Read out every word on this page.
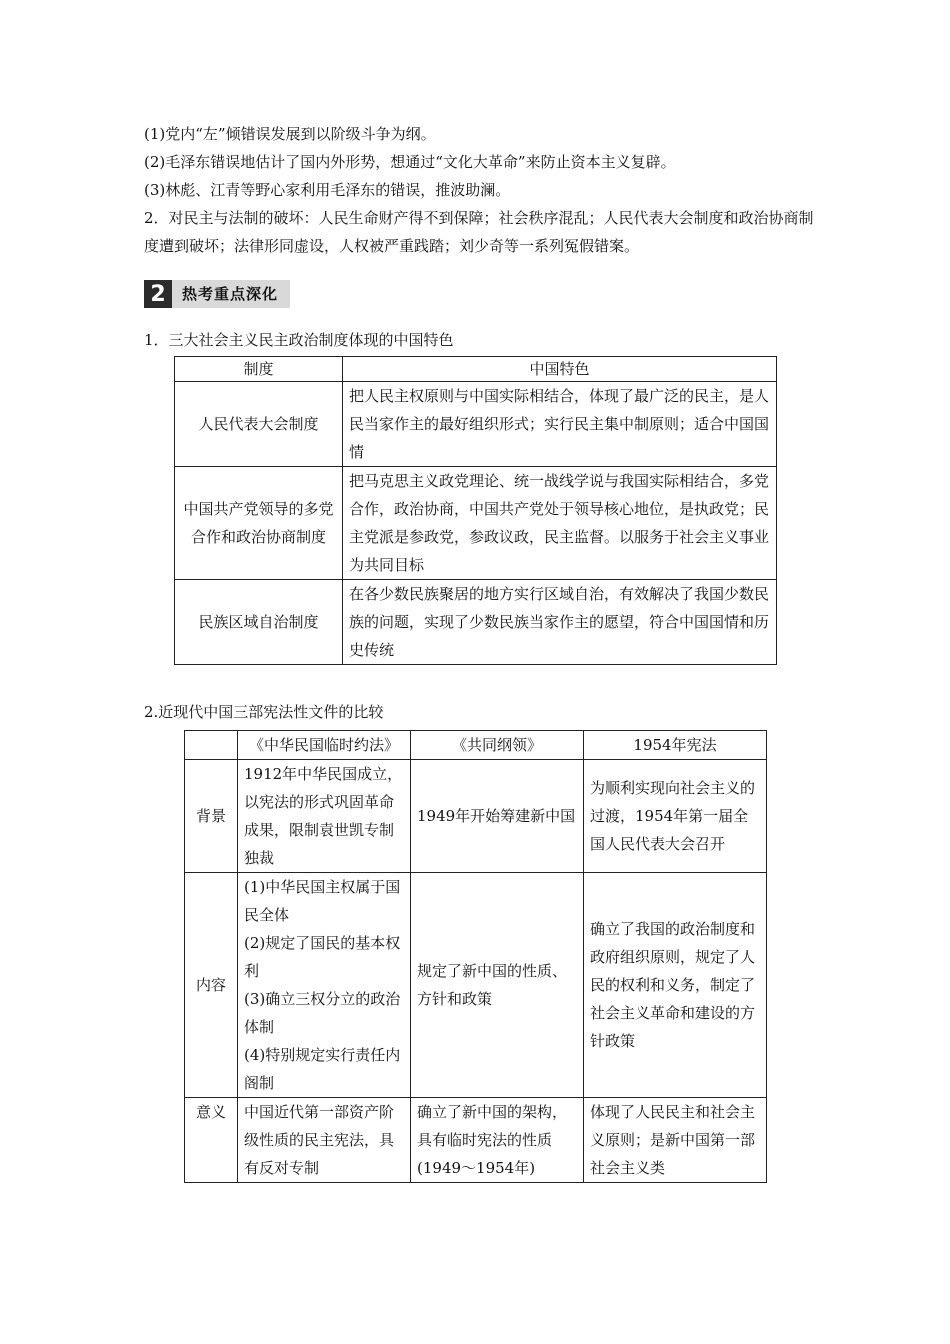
(1)党内“左”倾错误发展到以阶级斗争为纲。

(2)毛泽东错误地估计了国内外形势，想通过“文化大革命”来防止资本主义复辟。

(3)林彪、江青等野心家利用毛泽东的错误，推波助澜。

2．对民主与法制的破坏：人民生命财产得不到保障；社会秩序混乱；人民代表大会制度和政治协商制度遭到破坏；法律形同虚设，人权被严重践踏；刘少奇等一系列冤假错案。

2	热考重点深化

1．三大社会主义民主政治制度体现的中国特色

制度	中国特色
人民代表大会制度	把人民主权原则与中国实际相结合，体现了最广泛的民主，是人民当家作主的最好组织形式；实行民主集中制原则；适合中国国情
中国共产党领导的多党合作和政治协商制度	把马克思主义政党理论、统一战线学说与我国实际相结合，多党合作，政治协商，中国共产党处于领导核心地位，是执政党；民主党派是参政党，参政议政，民主监督。以服务于社会主义事业为共同目标
民族区域自治制度	在各少数民族聚居的地方实行区域自治，有效解决了我国少数民族的问题，实现了少数民族当家作主的愿望，符合中国国情和历史传统

2.近现代中国三部宪法性文件的比较

	《中华民国临时约法》	《共同纲领》	1954年宪法
背景	1912年中华民国成立，以宪法的形式巩固革命成果，限制袁世凯专制独裁	1949年开始筹建新中国	为顺利实现向社会主义的过渡，1954年第一届全国人民代表大会召开
内容	(1)中华民国主权属于国民全体
(2)规定了国民的基本权利
(3)确立三权分立的政治体制
(4)特别规定实行责任内阁制	规定了新中国的性质、方针和政策	确立了我国的政治制度和政府组织原则，规定了人民的权利和义务，制定了社会主义革命和建设的方针政策
意义	中国近代第一部资产阶级性质的民主宪法，具有反对专制	确立了新中国的架构，具有临时宪法的性质(1949～1954年)	体现了人民民主和社会主义原则；是新中国第一部社会主义类
